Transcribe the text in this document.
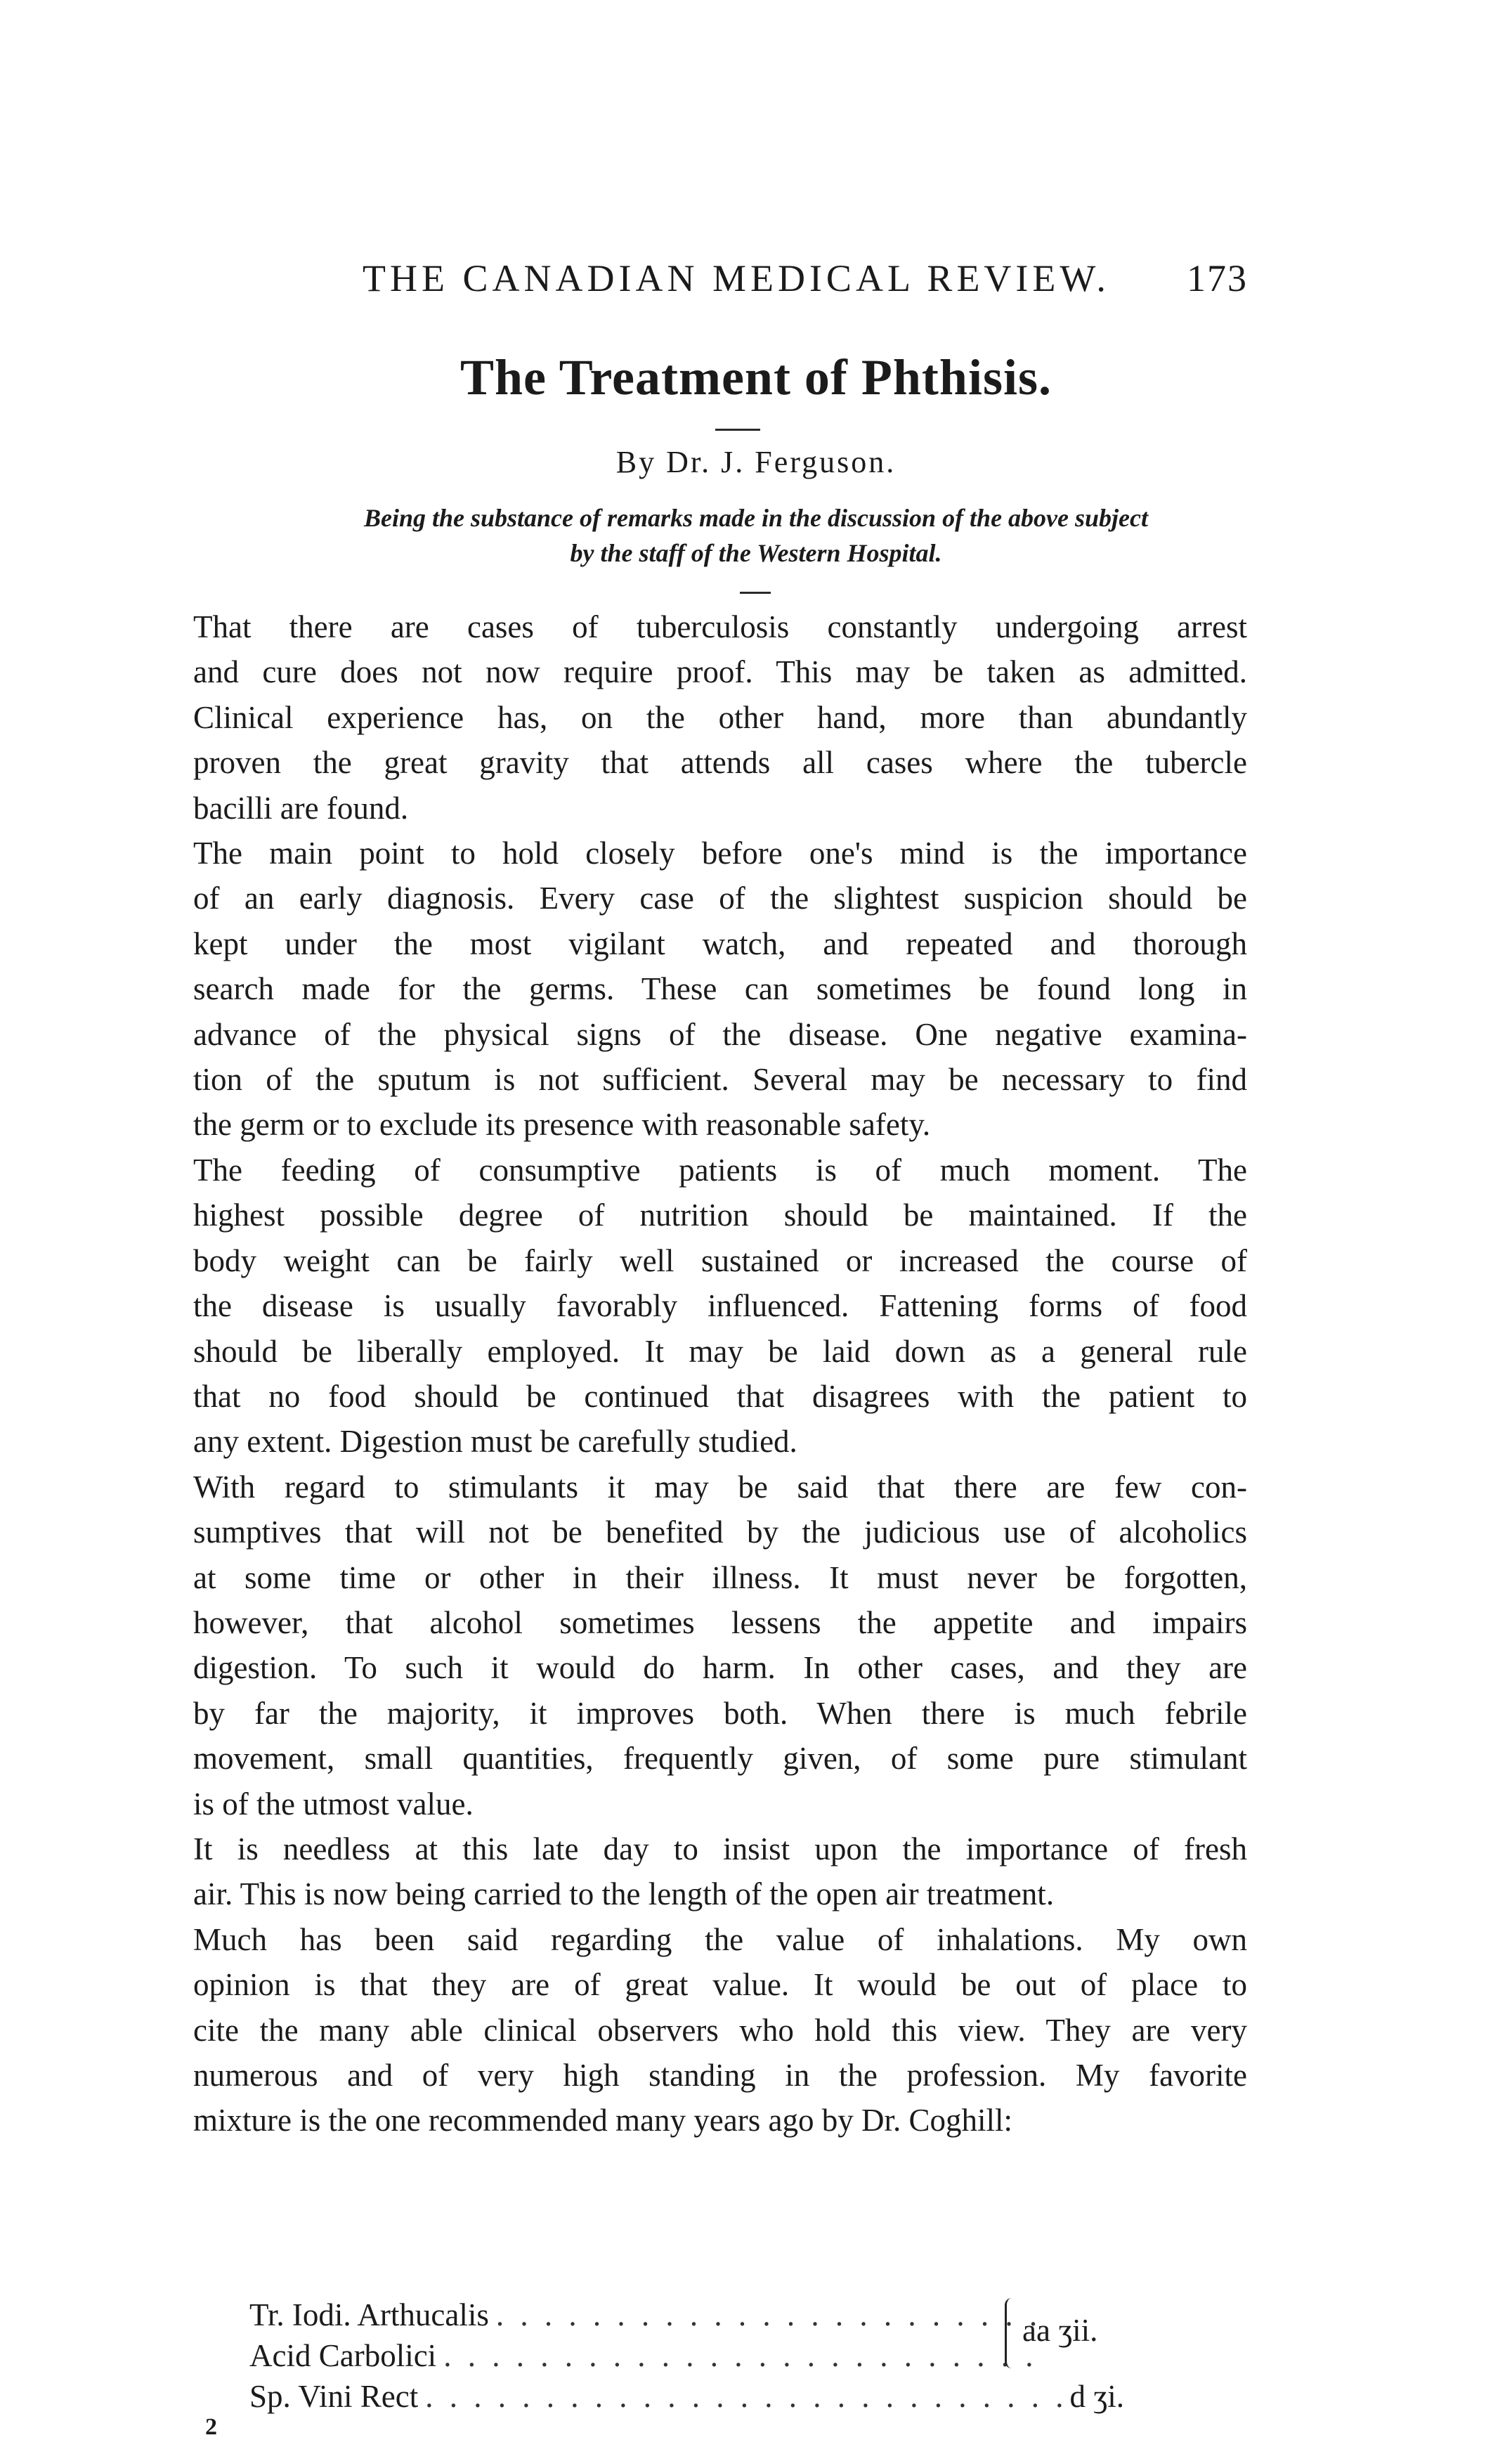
THE CANADIAN MEDICAL REVIEW. 173
The Treatment of Phthisis.
By Dr. J. Ferguson.
Being the substance of remarks made in the discussion of the above subject
by the staff of the Western Hospital.

That there are cases of tuberculosis constantly undergoing arrest
and cure does not now require proof. This may be taken as admitted.
Clinical experience has, on the other hand, more than abundantly
proven the great gravity that attends all cases where the tubercle
bacilli are found.

The main point to hold closely before one's mind is the importance
of an early diagnosis. Every case of the slightest suspicion should be
kept under the most vigilant watch, and repeated and thorough
search made for the germs. These can sometimes be found long in
advance of the physical signs of the disease. One negative examina-
tion of the sputum is not sufficient. Several may be necessary to find
the germ or to exclude its presence with reasonable safety.

The feeding of consumptive patients is of much moment. The
highest possible degree of nutrition should be maintained. If the
body weight can be fairly well sustained or increased the course of
the disease is usually favorably influenced. Fattening forms of food
should be liberally employed. It may be laid down as a general rule
that no food should be continued that disagrees with the patient to
any extent. Digestion must be carefully studied.

With regard to stimulants it may be said that there are few con-
sumptives that will not be benefited by the judicious use of alcoholics
at some time or other in their illness. It must never be forgotten,
however, that alcohol sometimes lessens the appetite and impairs
digestion. To such it would do harm. In other cases, and they are
by far the majority, it improves both. When there is much febrile
movement, small quantities, frequently given, of some pure stimulant
is of the utmost value.

It is needless at this late day to insist upon the importance of fresh
air. This is now being carried to the length of the open air treatment.

Much has been said regarding the value of inhalations. My own
opinion is that they are of great value. It would be out of place to
cite the many able clinical observers who hold this view. They are very
numerous and of very high standing in the profession. My favorite
mixture is the one recommended many years ago by Dr. Coghill:

Tr. Iodi. Arthucalis
. . .
Acid Carbolici
. . .
Sp. Vini Rect
. . .	d ʒi.
aa ʒii.
2
